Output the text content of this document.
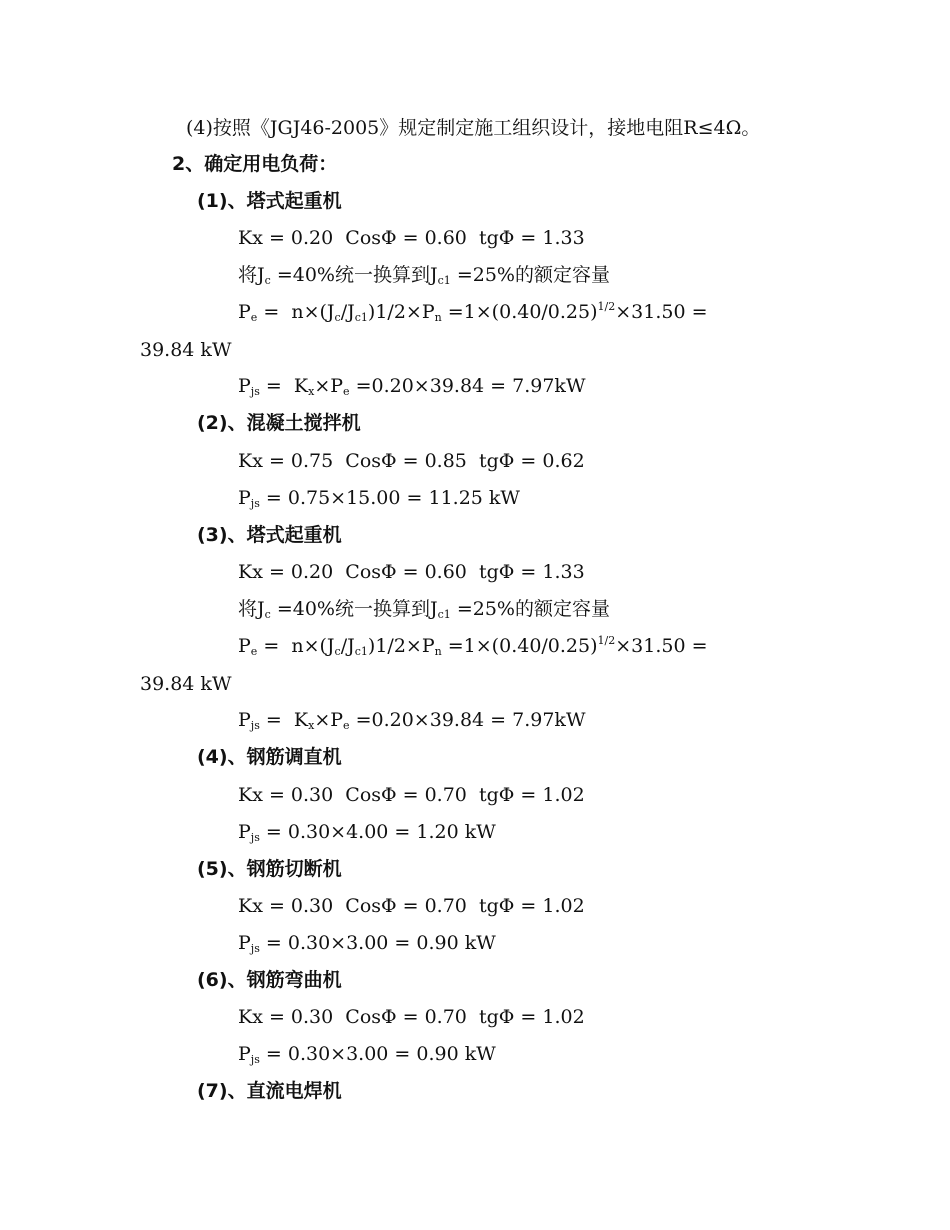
(4)按照《JGJ46-2005》规定制定施工组织设计，接地电阻R≤4Ω。
2、确定用电负荷：
(1)、塔式起重机
Kx = 0.20  CosΦ = 0.60  tgΦ = 1.33
将$J_c =40\%$统一换算到$J_{c1} =25\%$的额定容量
$P_e = n\times(J_c/J_{c1})1/2\times P_n =1\times(0.40/0.25)^{1/2}\times 31.50$ =
39.84 kW
$P_{js} = K_x\times P_e =0.20\times 39.84 = 7.97kW$
(2)、混凝土搅拌机
Kx = 0.75  CosΦ = 0.85  tgΦ = 0.62
$P_{js} = 0.75\times 15.00 = 11.25$ kW
(3)、塔式起重机
Kx = 0.20  CosΦ = 0.60  tgΦ = 1.33
将$J_c =40\%$统一换算到$J_{c1} =25\%$的额定容量
$P_e = n\times(J_c/J_{c1})1/2\times P_n =1\times(0.40/0.25)^{1/2}\times 31.50$ =
39.84 kW
$P_{js} = K_x\times P_e =0.20\times 39.84 = 7.97kW$
(4)、钢筋调直机
Kx = 0.30  CosΦ = 0.70  tgΦ = 1.02
$P_{js} = 0.30\times 4.00 = 1.20$ kW
(5)、钢筋切断机
Kx = 0.30  CosΦ = 0.70  tgΦ = 1.02
$P_{js} = 0.30\times 3.00 = 0.90$ kW
(6)、钢筋弯曲机
Kx = 0.30  CosΦ = 0.70  tgΦ = 1.02
$P_{js} = 0.30\times 3.00 = 0.90$ kW
(7)、直流电焊机
